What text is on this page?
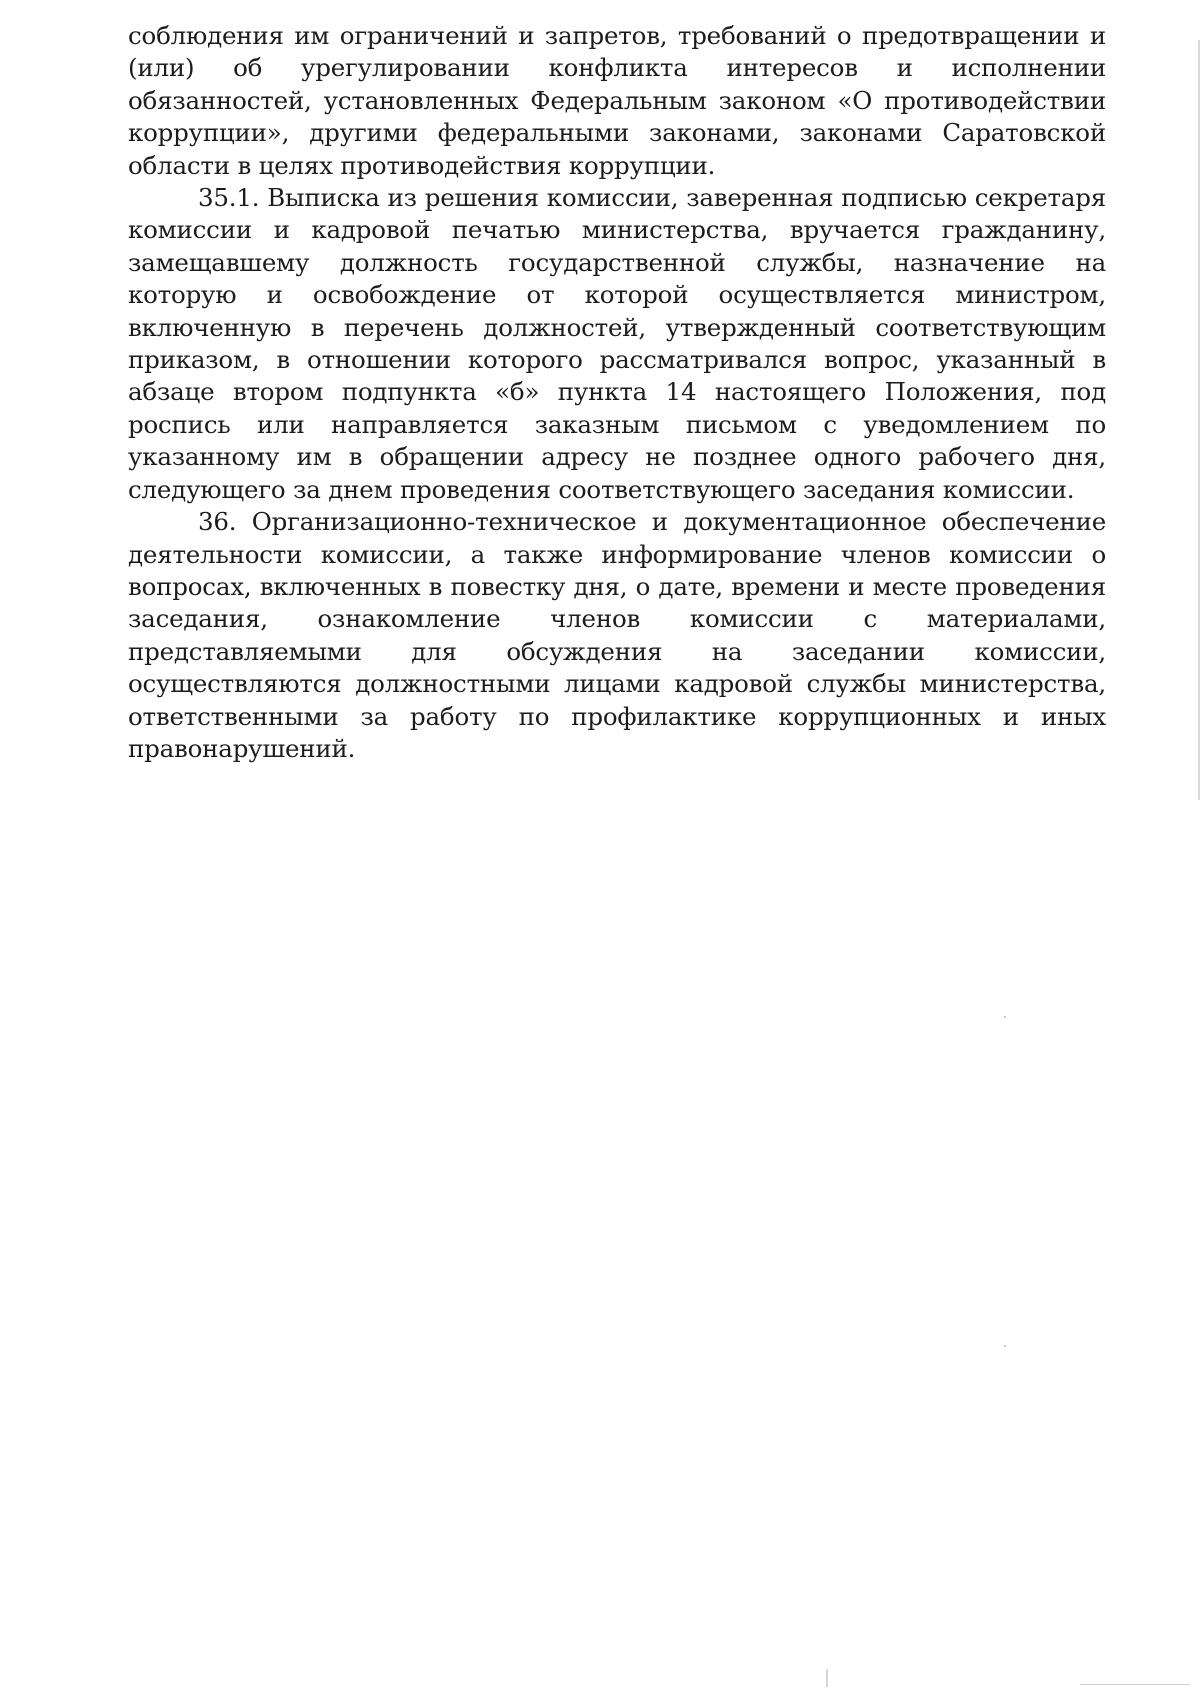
соблюдения им ограничений и запретов, требований о предотвращении и (или) об урегулировании конфликта интересов и исполнении обязанностей, установленных Федеральным законом «О противодействии коррупции», другими федеральными законами, законами Саратовской области в целях противодействия коррупции.

35.1. Выписка из решения комиссии, заверенная подписью секретаря комиссии и кадровой печатью министерства, вручается гражданину, замещавшему должность государственной службы, назначение на которую и освобождение от которой осуществляется министром, включенную в перечень должностей, утвержденный соответствующим приказом, в отношении которого рассматривался вопрос, указанный в абзаце втором подпункта «б» пункта 14 настоящего Положения, под роспись или направляется заказным письмом с уведомлением по указанному им в обращении адресу не позднее одного рабочего дня, следующего за днем проведения соответствующего заседания комиссии.

36. Организационно-техническое и документационное обеспечение деятельности комиссии, а также информирование членов комиссии о вопросах, включенных в повестку дня, о дате, времени и месте проведения заседания, ознакомление членов комиссии с материалами, представляемыми для обсуждения на заседании комиссии, осуществляются должностными лицами кадровой службы министерства, ответственными за работу по профилактике коррупционных и иных правонарушений.
